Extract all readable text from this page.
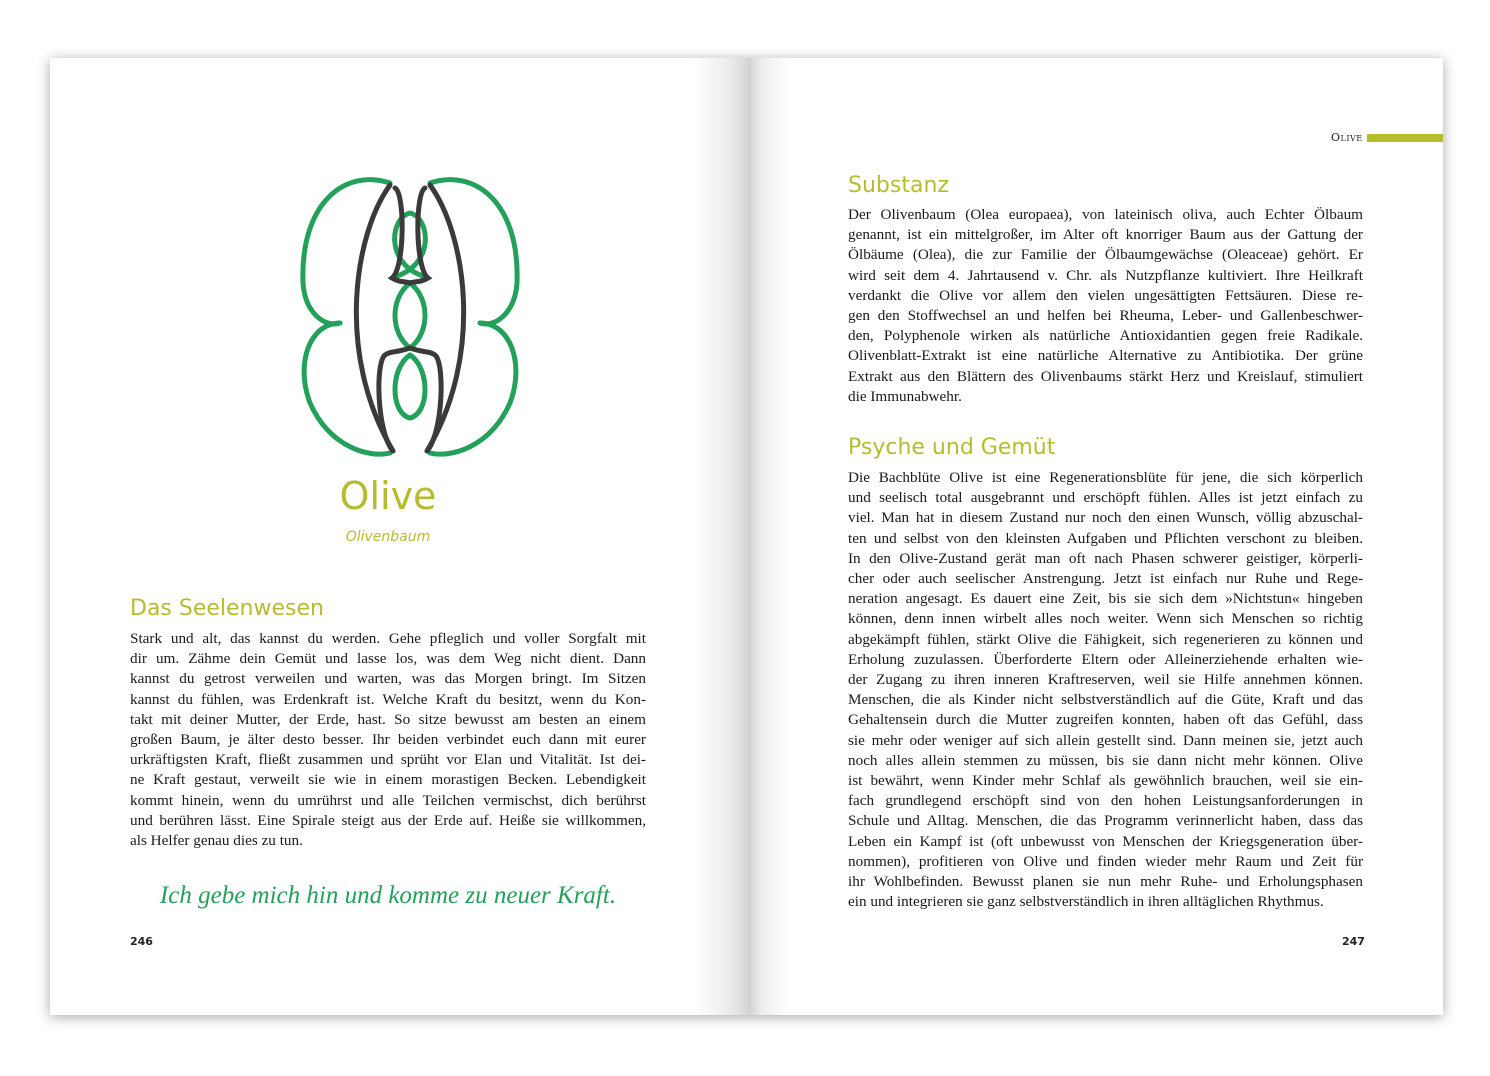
Olive
Olivenbaum
Das Seelenwesen
Stark und alt, das kannst du werden. Gehe pfleglich und voller Sorgfalt mit
dir um. Zähme dein Gemüt und lasse los, was dem Weg nicht dient. Dann
kannst du getrost verweilen und warten, was das Morgen bringt. Im Sitzen
kannst du fühlen, was Erdenkraft ist. Welche Kraft du besitzt, wenn du Kon-
takt mit deiner Mutter, der Erde, hast. So sitze bewusst am besten an einem
großen Baum, je älter desto besser. Ihr beiden verbindet euch dann mit eurer
urkräftigsten Kraft, fließt zusammen und sprüht vor Elan und Vitalität. Ist dei-
ne Kraft gestaut, verweilt sie wie in einem morastigen Becken. Lebendigkeit
kommt hinein, wenn du umrührst und alle Teilchen vermischst, dich berührst
und berühren lässt. Eine Spirale steigt aus der Erde auf. Heiße sie willkommen,
als Helfer genau dies zu tun.
Ich gebe mich hin und komme zu neuer Kraft.
246
Olive
Substanz
Der Olivenbaum (Olea europaea), von lateinisch oliva, auch Echter Ölbaum
genannt, ist ein mittelgroßer, im Alter oft knorriger Baum aus der Gattung der
Ölbäume (Olea), die zur Familie der Ölbaumgewächse (Oleaceae) gehört. Er
wird seit dem 4. Jahrtausend v. Chr. als Nutzpflanze kultiviert. Ihre Heilkraft
verdankt die Olive vor allem den vielen ungesättigten Fettsäuren. Diese re-
gen den Stoffwechsel an und helfen bei Rheuma, Leber- und Gallenbeschwer-
den, Polyphenole wirken als natürliche Antioxidantien gegen freie Radikale.
Olivenblatt-Extrakt ist eine natürliche Alternative zu Antibiotika. Der grüne
Extrakt aus den Blättern des Olivenbaums stärkt Herz und Kreislauf, stimuliert
die Immunabwehr.
Psyche und Gemüt
Die Bachblüte Olive ist eine Regenerationsblüte für jene, die sich körperlich
und seelisch total ausgebrannt und erschöpft fühlen. Alles ist jetzt einfach zu
viel. Man hat in diesem Zustand nur noch den einen Wunsch, völlig abzuschal-
ten und selbst von den kleinsten Aufgaben und Pflichten verschont zu bleiben.
In den Olive-Zustand gerät man oft nach Phasen schwerer geistiger, körperli-
cher oder auch seelischer Anstrengung. Jetzt ist einfach nur Ruhe und Rege-
neration angesagt. Es dauert eine Zeit, bis sie sich dem »Nichtstun« hingeben
können, denn innen wirbelt alles noch weiter. Wenn sich Menschen so richtig
abgekämpft fühlen, stärkt Olive die Fähigkeit, sich regenerieren zu können und
Erholung zuzulassen. Überforderte Eltern oder Alleinerziehende erhalten wie-
der Zugang zu ihren inneren Kraftreserven, weil sie Hilfe annehmen können.
Menschen, die als Kinder nicht selbstverständlich auf die Güte, Kraft und das
Gehaltensein durch die Mutter zugreifen konnten, haben oft das Gefühl, dass
sie mehr oder weniger auf sich allein gestellt sind. Dann meinen sie, jetzt auch
noch alles allein stemmen zu müssen, bis sie dann nicht mehr können. Olive
ist bewährt, wenn Kinder mehr Schlaf als gewöhnlich brauchen, weil sie ein-
fach grundlegend erschöpft sind von den hohen Leistungsanforderungen in
Schule und Alltag. Menschen, die das Programm verinnerlicht haben, dass das
Leben ein Kampf ist (oft unbewusst von Menschen der Kriegsgeneration über-
nommen), profitieren von Olive und finden wieder mehr Raum und Zeit für
ihr Wohlbefinden. Bewusst planen sie nun mehr Ruhe- und Erholungsphasen
ein und integrieren sie ganz selbstverständlich in ihren alltäglichen Rhythmus.
247
